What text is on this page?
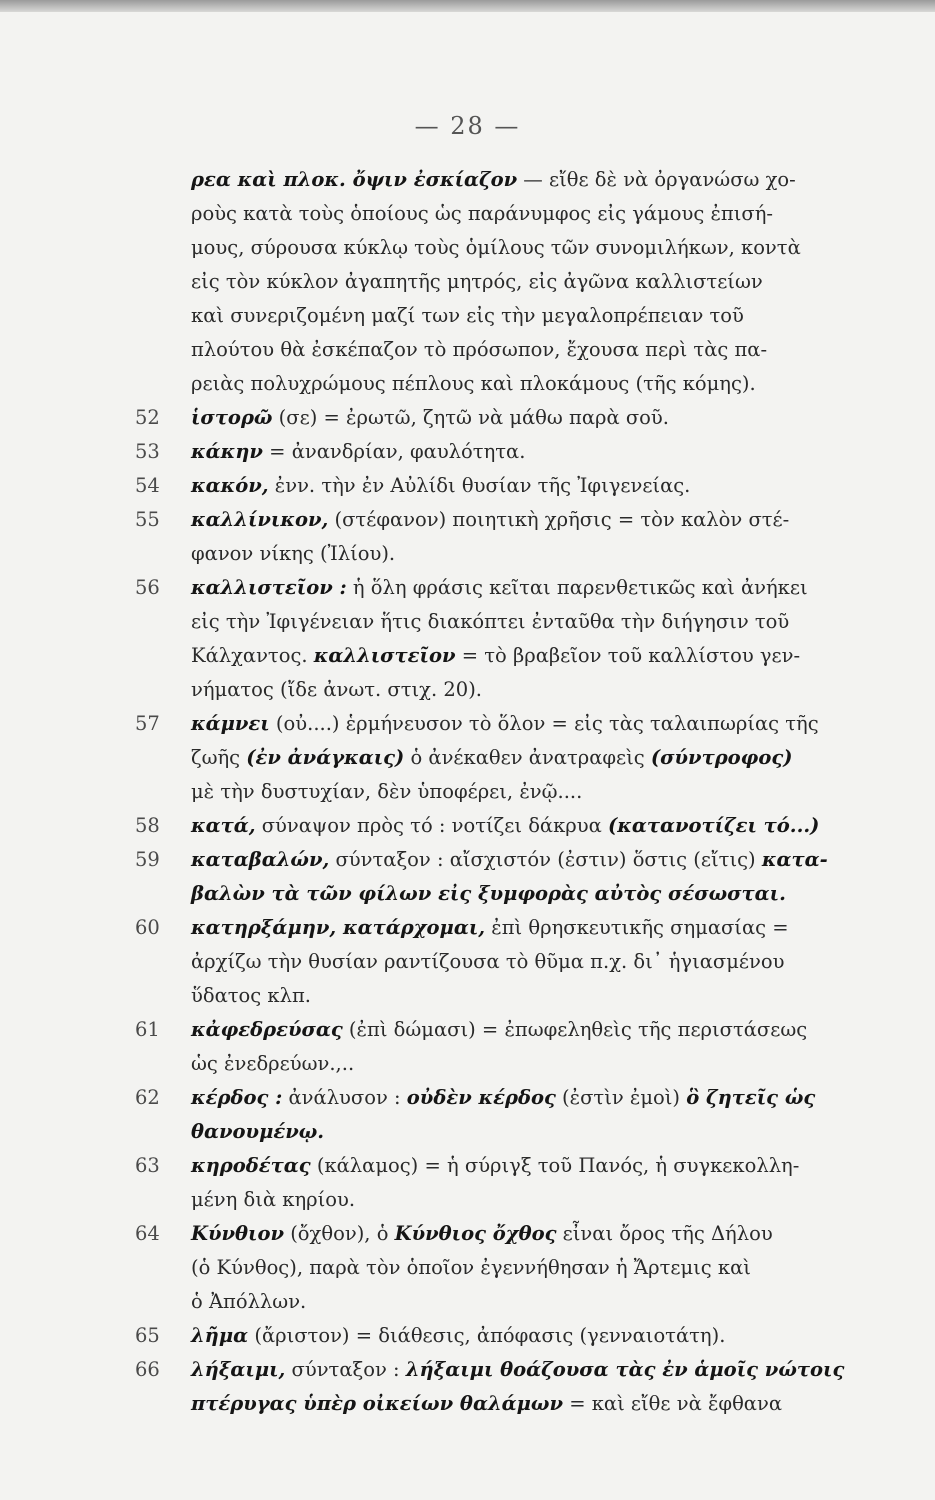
— 28 —
ρεα καὶ πλοκ. ὄψιν ἐσκίαζον — εἴθε δὲ νὰ ὀργανώσω χο-
ροὺς κατὰ τοὺς ὁποίους ὡς παράνυμφος εἰς γάμους ἐπισή-
μους, σύρουσα κύκλῳ τοὺς ὁμίλους τῶν συνομιλήκων, κοντὰ
εἰς τὸν κύκλον ἀγαπητῆς μητρός, εἰς ἀγῶνα καλλιστείων
καὶ συνεριζομένη μαζί των εἰς τὴν μεγαλοπρέπειαν τοῦ
πλούτου θὰ ἐσκέπαζον τὸ πρόσωπον, ἔχουσα περὶ τὰς πα-
ρειὰς πολυχρώμους πέπλους καὶ πλοκάμους (τῆς κόμης).
52 ἱστορῶ (σε) = ἐρωτῶ, ζητῶ νὰ μάθω παρὰ σοῦ.
53 κάκην = ἀνανδρίαν, φαυλότητα.
54 κακόν, ἐνν. τὴν ἐν Αὐλίδι θυσίαν τῆς Ἰφιγενείας.
55 καλλίνικον, (στέφανον) ποιητικὴ χρῆσις = τὸν καλὸν στέ-
φανον νίκης (Ἰλίου).
56 καλλιστεῖον : ἡ ὅλη φράσις κεῖται παρενθετικῶς καὶ ἀνήκει
εἰς τὴν Ἰφιγένειαν ἥτις διακόπτει ἐνταῦθα τὴν διήγησιν τοῦ
Κάλχαντος. καλλιστεῖον = τὸ βραβεῖον τοῦ καλλίστου γεν-
νήματος (ἴδε ἀνωτ. στιχ. 20).
57 κάμνει (οὐ....) ἑρμήνευσον τὸ ὅλον = εἰς τὰς ταλαιπωρίας τῆς
ζωῆς (ἐν ἀνάγκαις) ὁ ἀνέκαθεν ἀνατραφεὶς (σύντροφος)
μὲ τὴν δυστυχίαν, δὲν ὑποφέρει, ἐνῷ....
58 κατά, σύναψον πρὸς τό : νοτίζει δάκρυα (κατανοτίζει τό...)
59 καταβαλών, σύνταξον : αἴσχιστόν (ἐστιν) ὅστις (εἴτις) κατα-
βαλὼν τὰ τῶν φίλων εἰς ξυμφορὰς αὐτὸς σέσωσται.
60 κατηρξάμην, κατάρχομαι, ἐπὶ θρησκευτικῆς σημασίας =
ἀρχίζω τὴν θυσίαν ραντίζουσα τὸ θῦμα π.χ. δι᾽ ἡγιασμένου
ὕδατος κλπ.
61 κἀφεδρεύσας (ἐπὶ δώμασι) = ἐπωφεληθεὶς τῆς περιστάσεως
ὡς ἐνεδρεύων.,..
62 κέρδος : ἀνάλυσον : οὐδὲν κέρδος (ἐστὶν ἐμοὶ) ὃ ζητεῖς ὡς
θανουμένῳ.
63 κηροδέτας (κάλαμος) = ἡ σύριγξ τοῦ Πανός, ἡ συγκεκολλη-
μένη διὰ κηρίου.
64 Κύνθιον (ὄχθον), ὁ Κύνθιος ὄχθος εἶναι ὄρος τῆς Δήλου
(ὁ Κύνθος), παρὰ τὸν ὁποῖον ἐγεννήθησαν ἡ Ἄρτεμις καὶ
ὁ Ἀπόλλων.
65 λῆμα (ἄριστον) = διάθεσις, ἀπόφασις (γενναιοτάτη).
66 λήξαιμι, σύνταξον : λήξαιμι θοάζουσα τὰς ἐν ἁμοῖς νώτοις
πτέρυγας ὑπὲρ οἰκείων θαλάμων = καὶ εἴθε νὰ ἔφθανα
